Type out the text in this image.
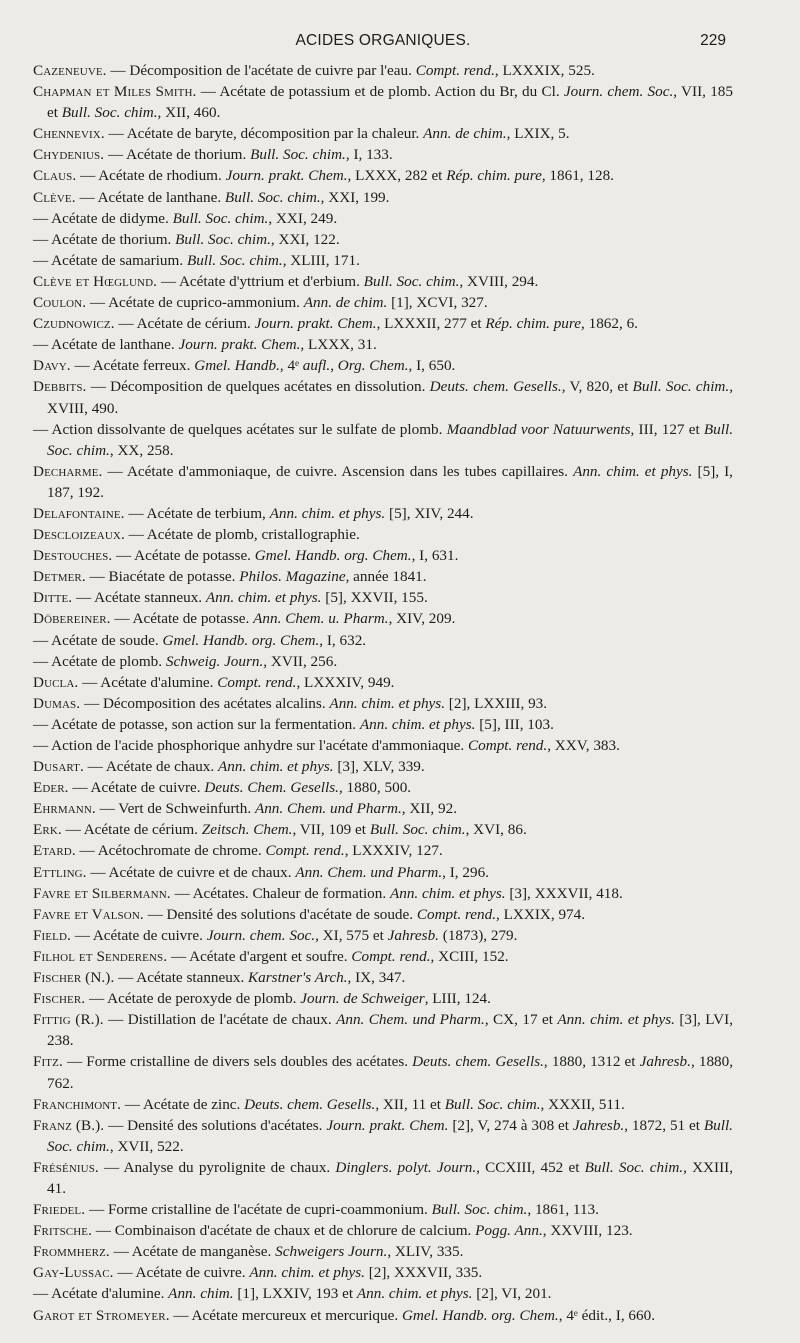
ACIDES ORGANIQUES.	229
Cazeneuve. — Décomposition de l'acétate de cuivre par l'eau. Compt. rend., LXXXIX, 525.
Chapman et Miles Smith. — Acétate de potassium et de plomb. Action du Br, du Cl. Journ. chem. Soc., VII, 185 et Bull. Soc. chim., XII, 460.
Chennevix. — Acétate de baryte, décomposition par la chaleur. Ann. de chim., LXIX, 5.
Chydenius. — Acétate de thorium. Bull. Soc. chim., I, 133.
Claus. — Acétate de rhodium. Journ. prakt. Chem., LXXX, 282 et Rép. chim. pure, 1861, 128.
Clève. — Acétate de lanthane. Bull. Soc. chim., XXI, 199.
— Acétate de didyme. Bull. Soc. chim., XXI, 249.
— Acétate de thorium. Bull. Soc. chim., XXI, 122.
— Acétate de samarium. Bull. Soc. chim., XLIII, 171.
Clève et Hœglund. — Acétate d'yttrium et d'erbium. Bull. Soc. chim., XVIII, 294.
Coulon. — Acétate de cuprico-ammonium. Ann. de chim. [1], XCVI, 327.
Czudnowicz. — Acétate de cérium. Journ. prakt. Chem., LXXXII, 277 et Rép. chim. pure, 1862, 6.
— Acétate de lanthane. Journ. prakt. Chem., LXXX, 31.
Davy. — Acétate ferreux. Gmel. Handb., 4ᵉ aufl., Org. Chem., I, 650.
Debbits. — Décomposition de quelques acétates en dissolution. Deuts. chem. Gesells., V, 820, et Bull. Soc. chim., XVIII, 490.
— Action dissolvante de quelques acétates sur le sulfate de plomb. Maandblad voor Natuurwents, III, 127 et Bull. Soc. chim., XX, 258.
Decharme. — Acétate d'ammoniaque, de cuivre. Ascension dans les tubes capillaires. Ann. chim. et phys. [5], I, 187, 192.
Delafontaine. — Acétate de terbium, Ann. chim. et phys. [5], XIV, 244.
Descloizeaux. — Acétate de plomb, cristallographie.
Destouches. — Acétate de potasse. Gmel. Handb. org. Chem., I, 631.
Detmer. — Biacétate de potasse. Philos. Magazine, année 1841.
Ditte. — Acétate stanneux. Ann. chim. et phys. [5], XXVII, 155.
Döbereiner. — Acétate de potasse. Ann. Chem. u. Pharm., XIV, 209.
— Acétate de soude. Gmel. Handb. org. Chem., I, 632.
— Acétate de plomb. Schweig. Journ., XVII, 256.
Ducla. — Acétate d'alumine. Compt. rend., LXXXIV, 949.
Dumas. — Décomposition des acétates alcalins. Ann. chim. et phys. [2], LXXIII, 93.
— Acétate de potasse, son action sur la fermentation. Ann. chim. et phys. [5], III, 103.
— Action de l'acide phosphorique anhydre sur l'acétate d'ammoniaque. Compt. rend., XXV, 383.
Dusart. — Acétate de chaux. Ann. chim. et phys. [3], XLV, 339.
Eder. — Acétate de cuivre. Deuts. Chem. Gesells., 1880, 500.
Ehrmann. — Vert de Schweinfurth. Ann. Chem. und Pharm., XII, 92.
Erk. — Acétate de cérium. Zeitsch. Chem., VII, 109 et Bull. Soc. chim., XVI, 86.
Etard. — Acétochromate de chrome. Compt. rend., LXXXIV, 127.
Ettling. — Acétate de cuivre et de chaux. Ann. Chem. und Pharm., I, 296.
Favre et Silbermann. — Acétates. Chaleur de formation. Ann. chim. et phys. [3], XXXVII, 418.
Favre et Valson. — Densité des solutions d'acétate de soude. Compt. rend., LXXIX, 974.
Field. — Acétate de cuivre. Journ. chem. Soc., XI, 575 et Jahresb. (1873), 279.
Filhol et Senderens. — Acétate d'argent et soufre. Compt. rend., XCIII, 152.
Fischer (N.). — Acétate stanneux. Karstner's Arch., IX, 347.
Fischer. — Acétate de peroxyde de plomb. Journ. de Schweiger, LIII, 124.
Fittig (R.). — Distillation de l'acétate de chaux. Ann. Chem. und Pharm., CX, 17 et Ann. chim. et phys. [3], LVI, 238.
Fitz. — Forme cristalline de divers sels doubles des acétates. Deuts. chem. Gesells., 1880, 1312 et Jahresb., 1880, 762.
Franchimont. — Acétate de zinc. Deuts. chem. Gesells., XII, 11 et Bull. Soc. chim., XXXII, 511.
Franz (B.). — Densité des solutions d'acétates. Journ. prakt. Chem. [2], V, 274 à 308 et Jahresb., 1872, 51 et Bull. Soc. chim., XVII, 522.
Frésénius. — Analyse du pyrolignite de chaux. Dinglers. polyt. Journ., CCXIII, 452 et Bull. Soc. chim., XXIII, 41.
Friedel. — Forme cristalline de l'acétate de cupri-coammonium. Bull. Soc. chim., 1861, 113.
Fritsche. — Combinaison d'acétate de chaux et de chlorure de calcium. Pogg. Ann., XXVIII, 123.
Frommherz. — Acétate de manganèse. Schweigers Journ., XLIV, 335.
Gay-Lussac. — Acétate de cuivre. Ann. chim. et phys. [2], XXXVII, 335.
— Acétate d'alumine. Ann. chim. [1], LXXIV, 193 et Ann. chim. et phys. [2], VI, 201.
Garot et Stromeyer. — Acétate mercureux et mercurique. Gmel. Handb. org. Chem., 4ᵉ édit., I, 660.
